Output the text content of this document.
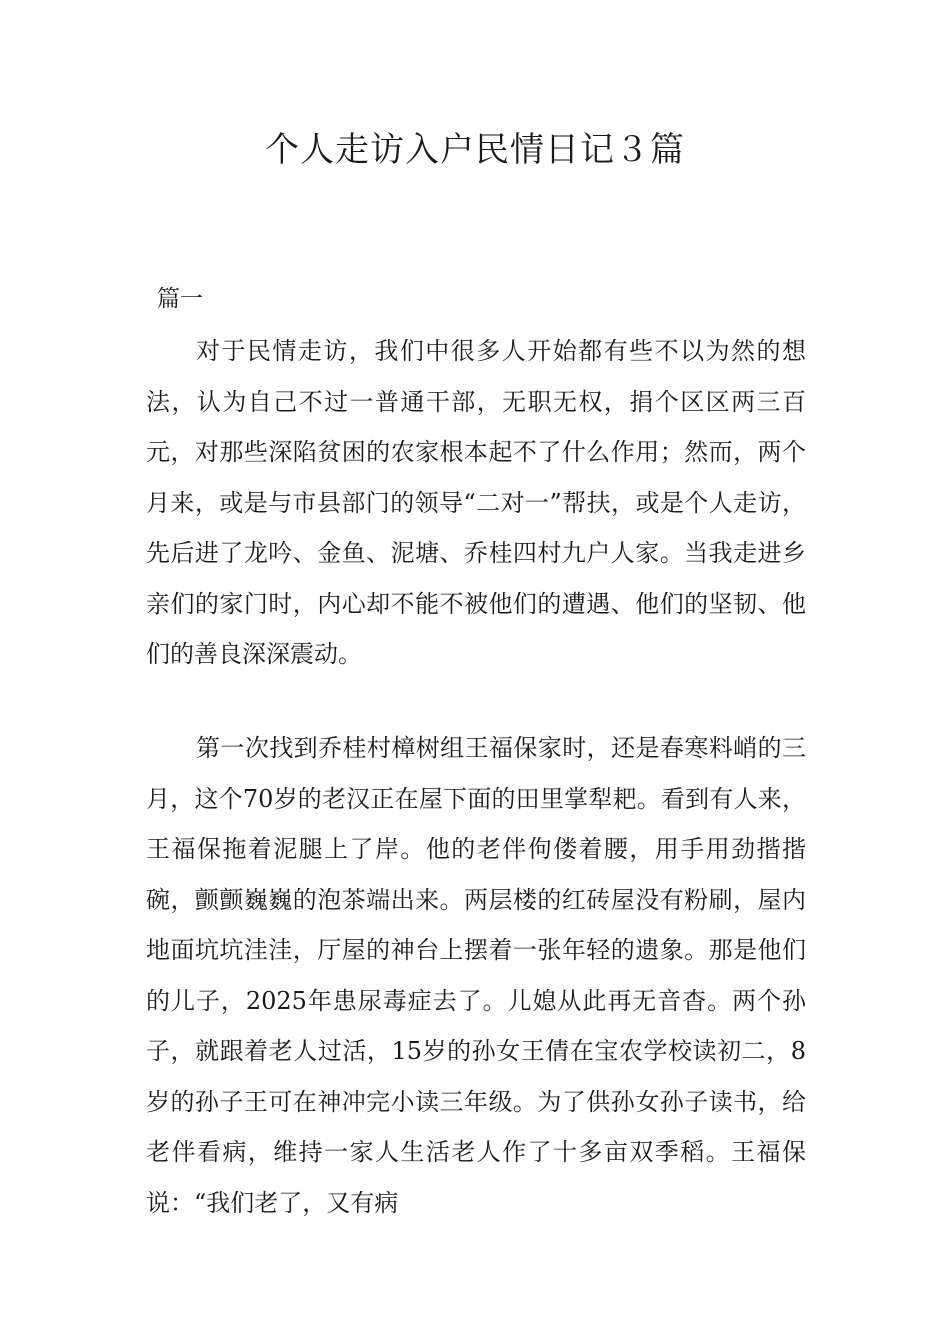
个人走访入户民情日记３篇
篇一

对于民情走访，我们中很多人开始都有些不以为然的想法，认为自己不过一普通干部，无职无权，捐个区区两三百元，对那些深陷贫困的农家根本起不了什么作用；然而，两个月来，或是与市县部门的领导“二对一”帮扶，或是个人走访，先后进了龙吟、金鱼、泥塘、乔桂四村九户人家。当我走进乡亲们的家门时，内心却不能不被他们的遭遇、他们的坚韧、他们的善良深深震动。

第一次找到乔桂村樟树组王福保家时，还是春寒料峭的三月，这个70岁的老汉正在屋下面的田里掌犁耙。看到有人来，王福保拖着泥腿上了岸。他的老伴佝偻着腰，用手用劲揩揩碗，颤颤巍巍的泡茶端出来。两层楼的红砖屋没有粉刷，屋内地面坑坑洼洼，厅屋的神台上摆着一张年轻的遗象。那是他们的儿子，2025年患尿毒症去了。儿媳从此再无音杳。两个孙子，就跟着老人过活，15岁的孙女王倩在宝农学校读初二，8岁的孙子王可在神冲完小读三年级。为了供孙女孙子读书，给老伴看病，维持一家人生活老人作了十多亩双季稻。王福保说：“我们老了，又有病
